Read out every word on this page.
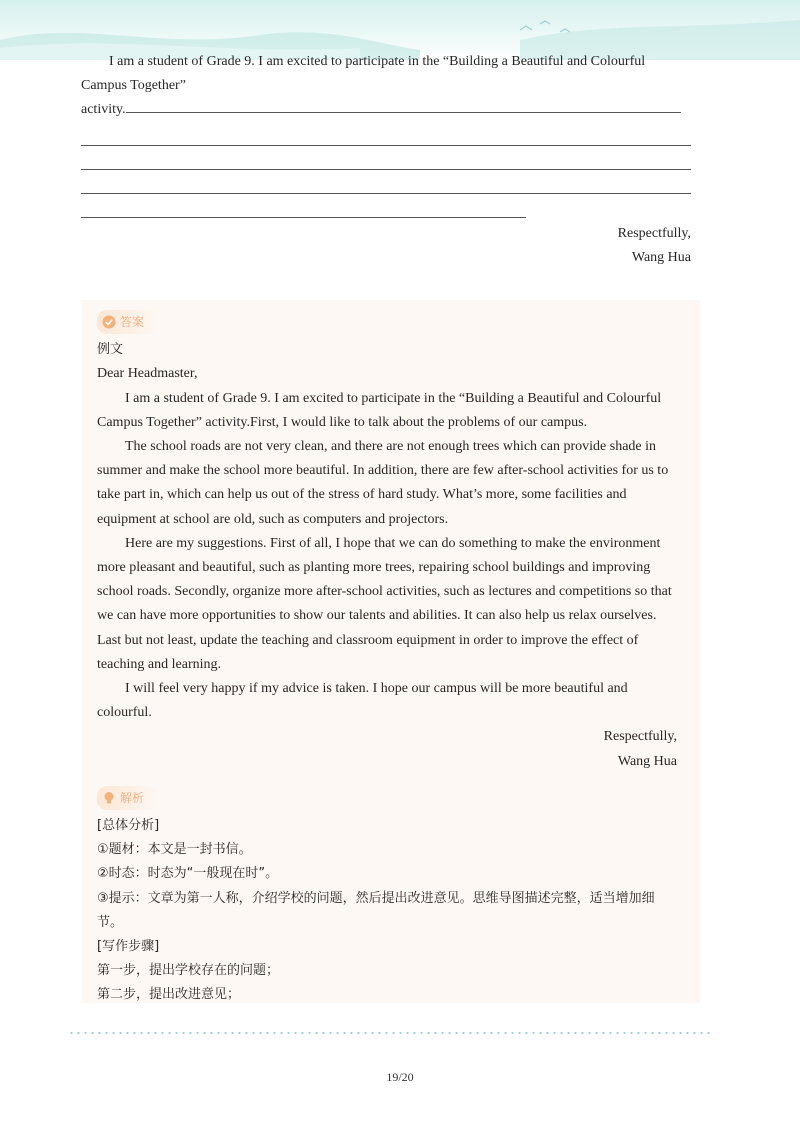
I am a student of Grade 9. I am excited to participate in the “Building a Beautiful and Colourful
Campus Together”
activity.
Respectfully,
Wang Hua
答案
例文
Dear Headmaster,

I am a student of Grade 9. I am excited to participate in the “Building a Beautiful and Colourful Campus Together” activity.First, I would like to talk about the problems of our campus.

The school roads are not very clean, and there are not enough trees which can provide shade in summer and make the school more beautiful. In addition, there are few after-school activities for us to take part in, which can help us out of the stress of hard study. What’s more, some facilities and equipment at school are old, such as computers and projectors.

Here are my suggestions. First of all, I hope that we can do something to make the environment more pleasant and beautiful, such as planting more trees, repairing school buildings and improving school roads. Secondly, organize more after-school activities, such as lectures and competitions so that we can have more opportunities to show our talents and abilities. It can also help us relax ourselves. Last but not least, update the teaching and classroom equipment in order to improve the effect of teaching and learning.

I will feel very happy if my advice is taken. I hope our campus will be more beautiful and colourful.

Respectfully,
Wang Hua
解析
[总体分析]
①题材：本文是一封书信。
②时态：时态为“一般现在时”。
③提示：文章为第一人称，介绍学校的问题，然后提出改进意见。思维导图描述完整，适当增加细节。
[写作步骤]
第一步，提出学校存在的问题；
第二步，提出改进意见；
19/20
